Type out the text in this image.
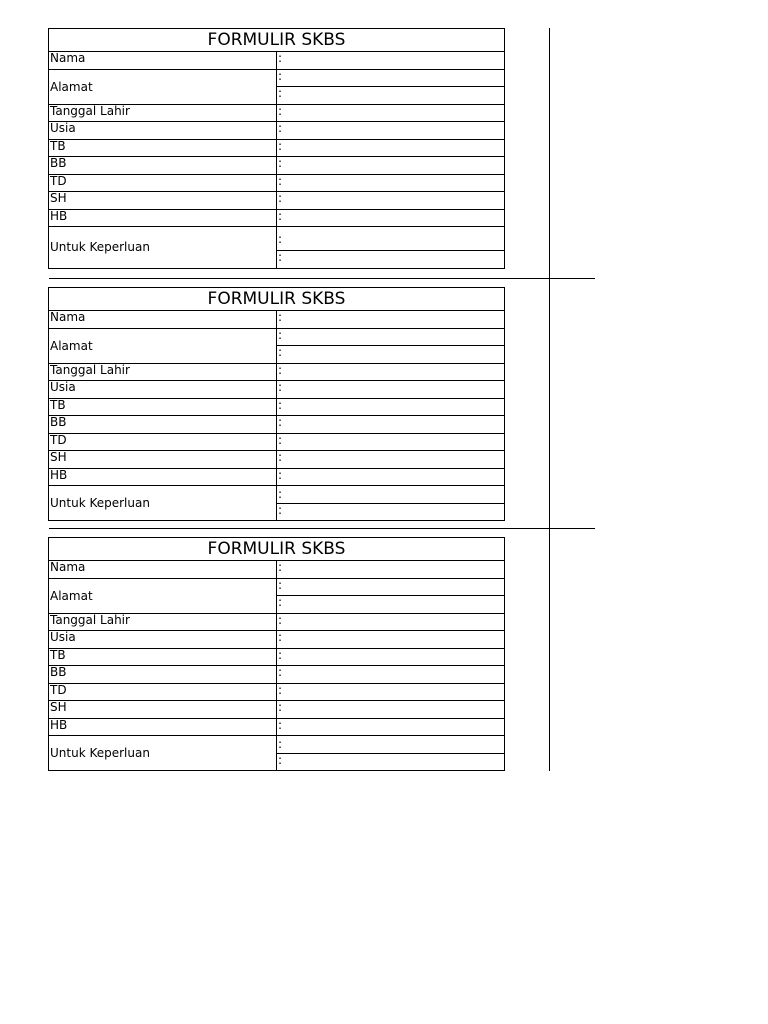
FORMULIR SKBS	
Nama	:
Alamat	:
	:
Tanggal Lahir	:
Usia	:
TB	:
BB	:
TD	:
SH	:
HB	:
Untuk Keperluan	:
	:
FORMULIR SKBS	
Nama	:
Alamat	:
	:
Tanggal Lahir	:
Usia	:
TB	:
BB	:
TD	:
SH	:
HB	:
Untuk Keperluan	:
	:
FORMULIR SKBS	
Nama	:
Alamat	:
	:
Tanggal Lahir	:
Usia	:
TB	:
BB	:
TD	:
SH	:
HB	:
Untuk Keperluan	:
	:
